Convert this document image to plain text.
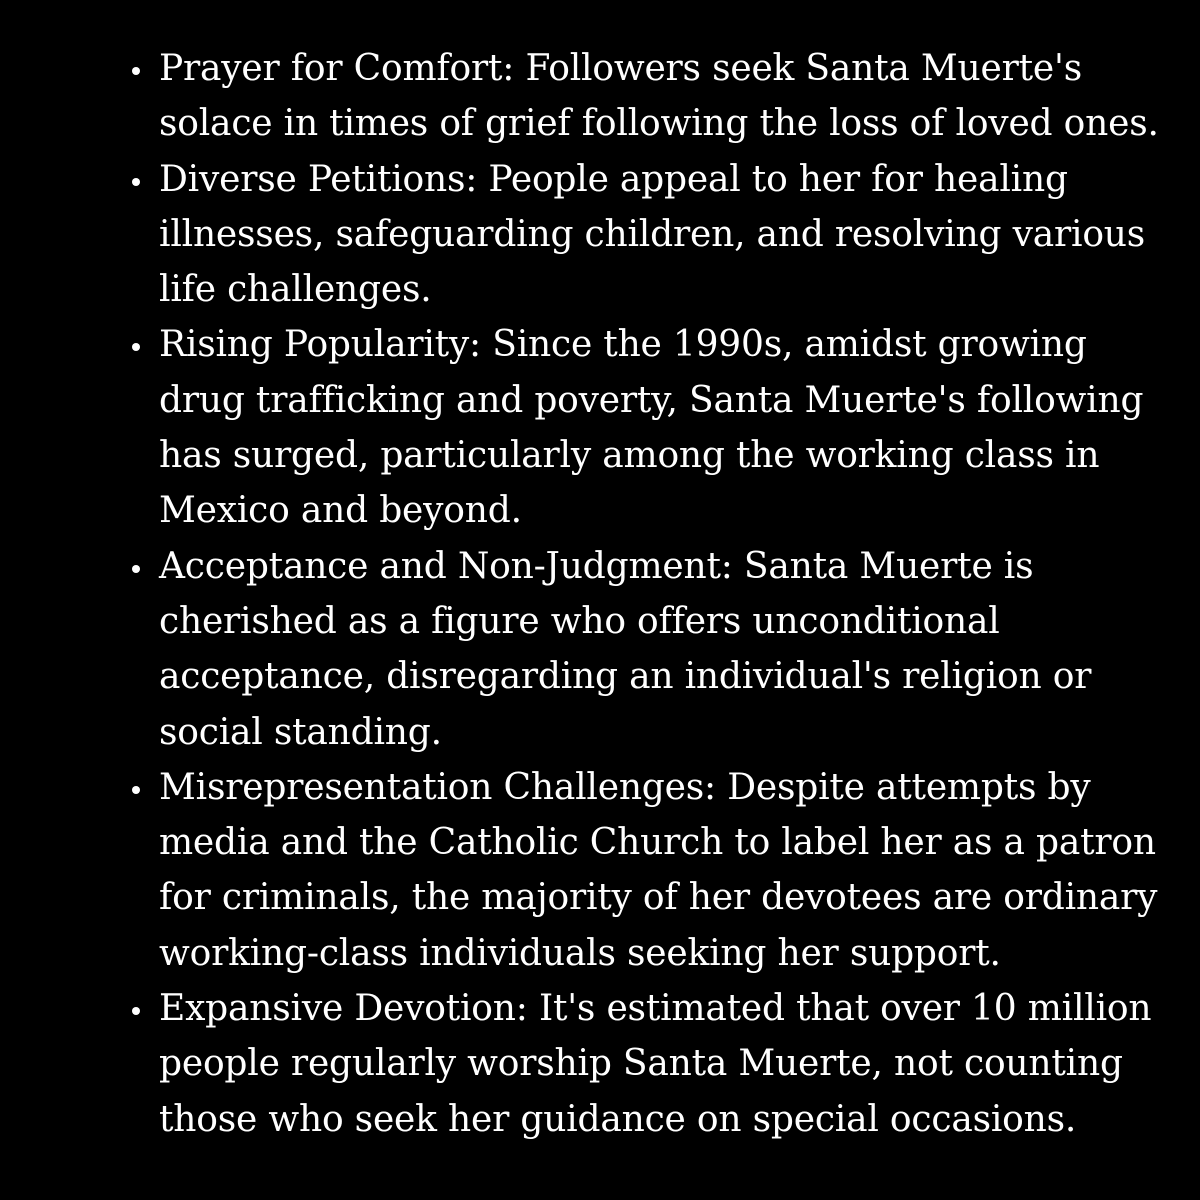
Prayer for Comfort: Followers seek Santa Muerte's
solace in times of grief following the loss of loved ones.
Diverse Petitions: People appeal to her for healing
illnesses, safeguarding children, and resolving various
life challenges.
Rising Popularity: Since the 1990s, amidst growing
drug trafficking and poverty, Santa Muerte's following
has surged, particularly among the working class in
Mexico and beyond.
Acceptance and Non-Judgment: Santa Muerte is
cherished as a figure who offers unconditional
acceptance, disregarding an individual's religion or
social standing.
Misrepresentation Challenges: Despite attempts by
media and the Catholic Church to label her as a patron
for criminals, the majority of her devotees are ordinary
working-class individuals seeking her support.
Expansive Devotion: It's estimated that over 10 million
people regularly worship Santa Muerte, not counting
those who seek her guidance on special occasions.
